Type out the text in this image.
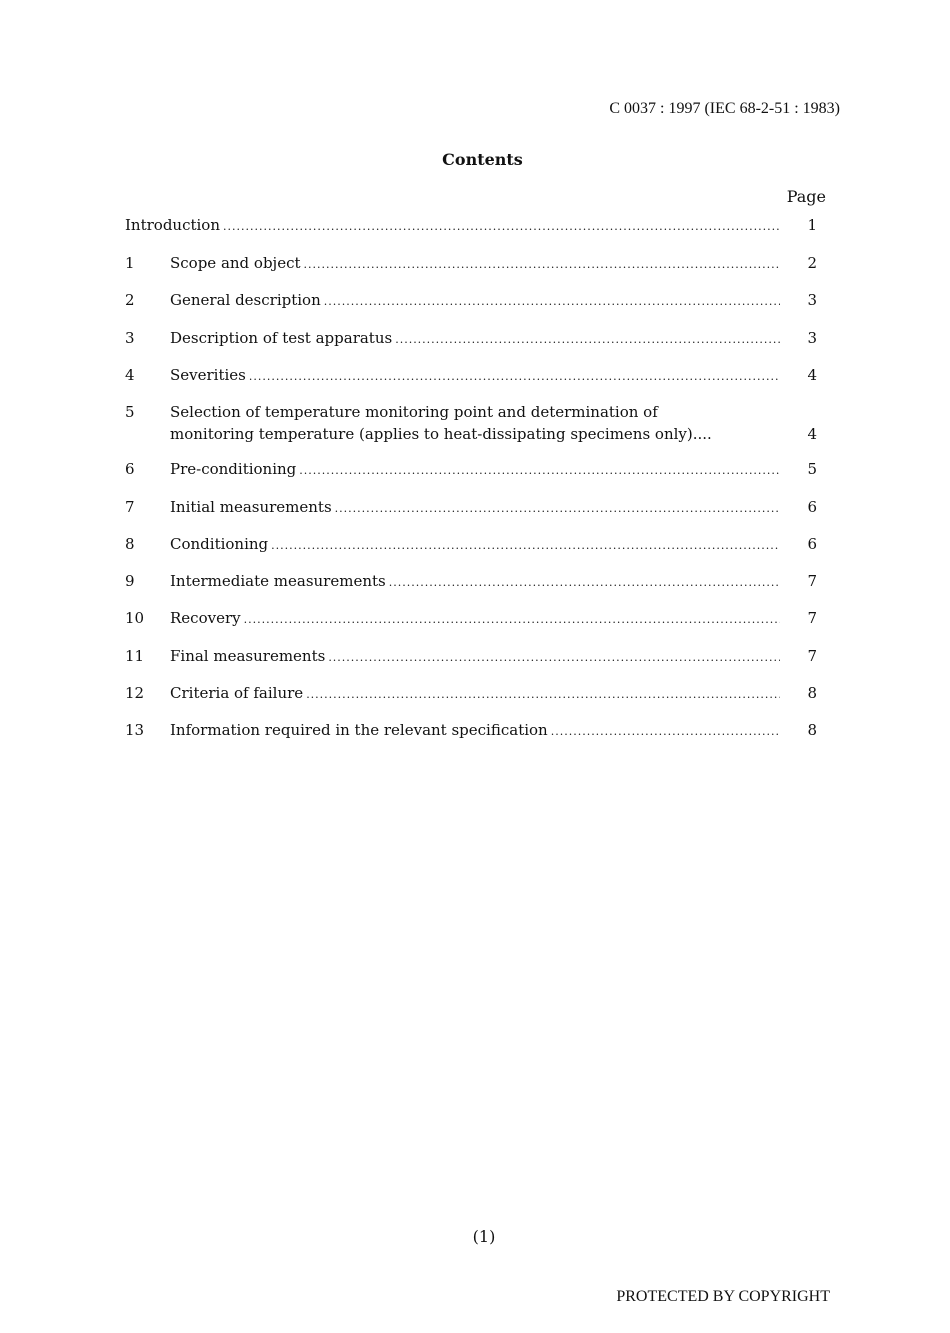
C 0037 : 1997 (IEC 68-2-51 : 1983)
Contents
Page
Introduction .....	1
1 Scope and object .....	2
2 General description .....	3
3 Description of test apparatus .....	3
4 Severities .....	4
5 Selection of temperature monitoring point and determination of
monitoring temperature (applies to heat-dissipating specimens only)....	4
6 Pre-conditioning .....	5
7 Initial measurements .....	6
8 Conditioning .....	6
9 Intermediate measurements .....	7
10 Recovery .....	7
11 Final measurements .....	7
12 Criteria of failure .....	8
13 Information required in the relevant specification .....	8
(1)
PROTECTED BY COPYRIGHT
